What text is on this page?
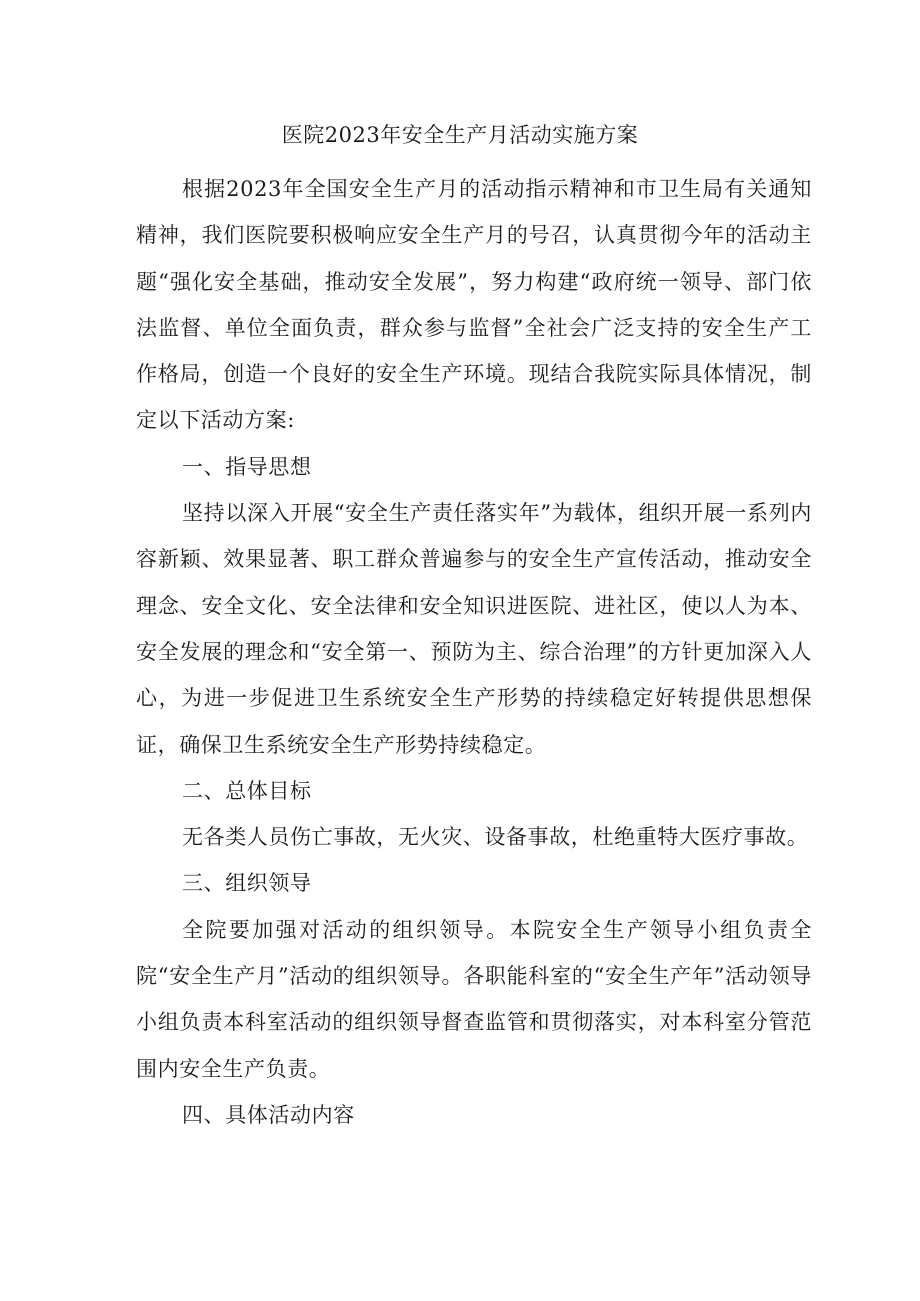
医院2023年安全生产月活动实施方案

根据2023年全国安全生产月的活动指示精神和市卫生局有关通知精神，我们医院要积极响应安全生产月的号召，认真贯彻今年的活动主题“强化安全基础，推动安全发展”，努力构建“政府统一领导、部门依法监督、单位全面负责，群众参与监督”全社会广泛支持的安全生产工作格局，创造一个良好的安全生产环境。现结合我院实际具体情况，制定以下活动方案:

一、指导思想

坚持以深入开展“安全生产责任落实年”为载体，组织开展一系列内容新颖、效果显著、职工群众普遍参与的安全生产宣传活动，推动安全理念、安全文化、安全法律和安全知识进医院、进社区，使以人为本、安全发展的理念和“安全第一、预防为主、综合治理”的方针更加深入人心，为进一步促进卫生系统安全生产形势的持续稳定好转提供思想保证，确保卫生系统安全生产形势持续稳定。

二、总体目标

无各类人员伤亡事故，无火灾、设备事故，杜绝重特大医疗事故。

三、组织领导

全院要加强对活动的组织领导。本院安全生产领导小组负责全院“安全生产月”活动的组织领导。各职能科室的“安全生产年”活动领导小组负责本科室活动的组织领导督查监管和贯彻落实，对本科室分管范围内安全生产负责。

四、具体活动内容
